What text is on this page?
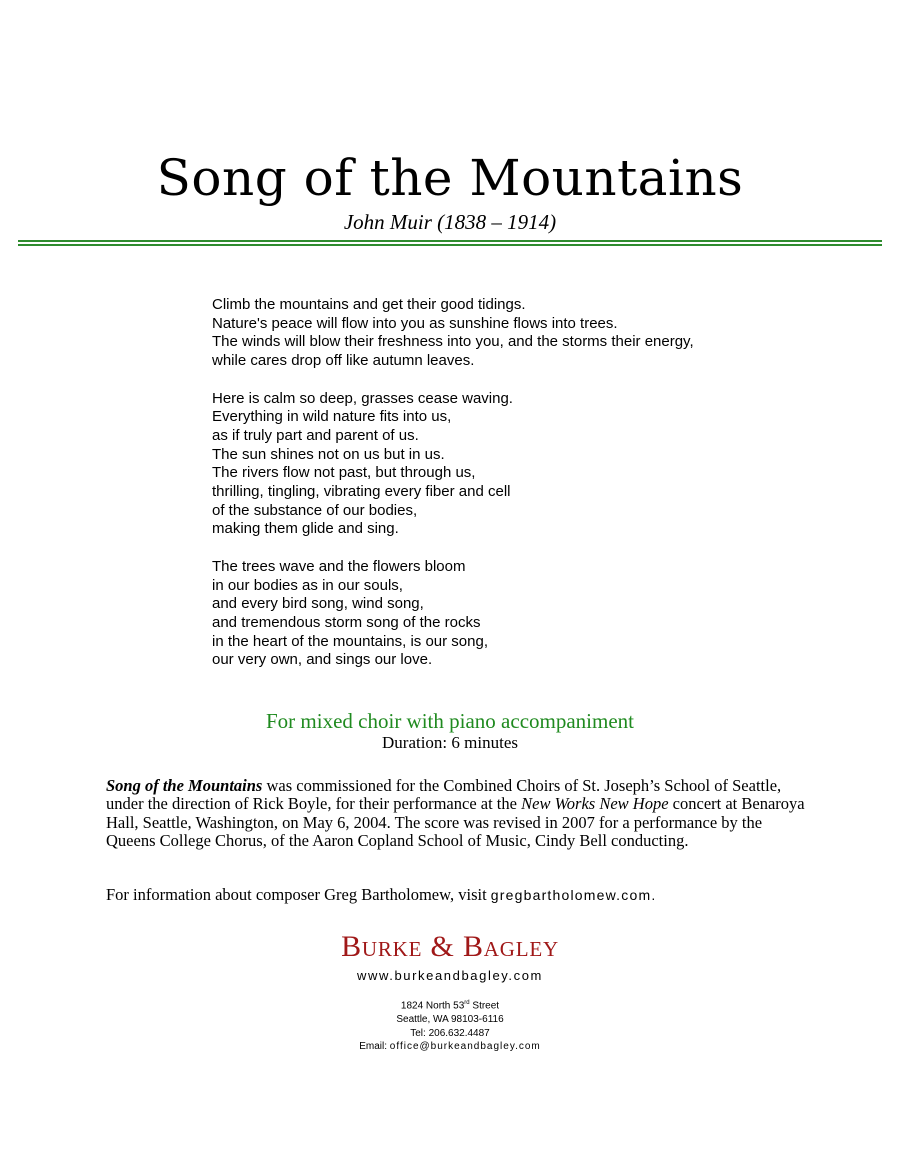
Song of the Mountains
John Muir (1838 – 1914)
Climb the mountains and get their good tidings.
Nature's peace will flow into you as sunshine flows into trees.
The winds will blow their freshness into you, and the storms their energy,
while cares drop off like autumn leaves.
Here is calm so deep, grasses cease waving.
Everything in wild nature fits into us,
as if truly part and parent of us.
The sun shines not on us but in us.
The rivers flow not past, but through us,
thrilling, tingling, vibrating every fiber and cell
of the substance of our bodies,
making them glide and sing.
The trees wave and the flowers bloom
in our bodies as in our souls,
and every bird song, wind song,
and tremendous storm song of the rocks
in the heart of the mountains, is our song,
our very own, and sings our love.
For mixed choir with piano accompaniment
Duration: 6 minutes
Song of the Mountains was commissioned for the Combined Choirs of St. Joseph’s School of Seattle, under the direction of Rick Boyle, for their performance at the New Works New Hope concert at Benaroya Hall, Seattle, Washington, on May 6, 2004. The score was revised in 2007 for a performance by the Queens College Chorus, of the Aaron Copland School of Music, Cindy Bell conducting.
For information about composer Greg Bartholomew, visit gregbartholomew.com.
Burke & Bagley
www.burkeandbagley.com
1824 North 53rd Street
Seattle, WA 98103-6116
Tel: 206.632.4487
Email: office@burkeandbagley.com
